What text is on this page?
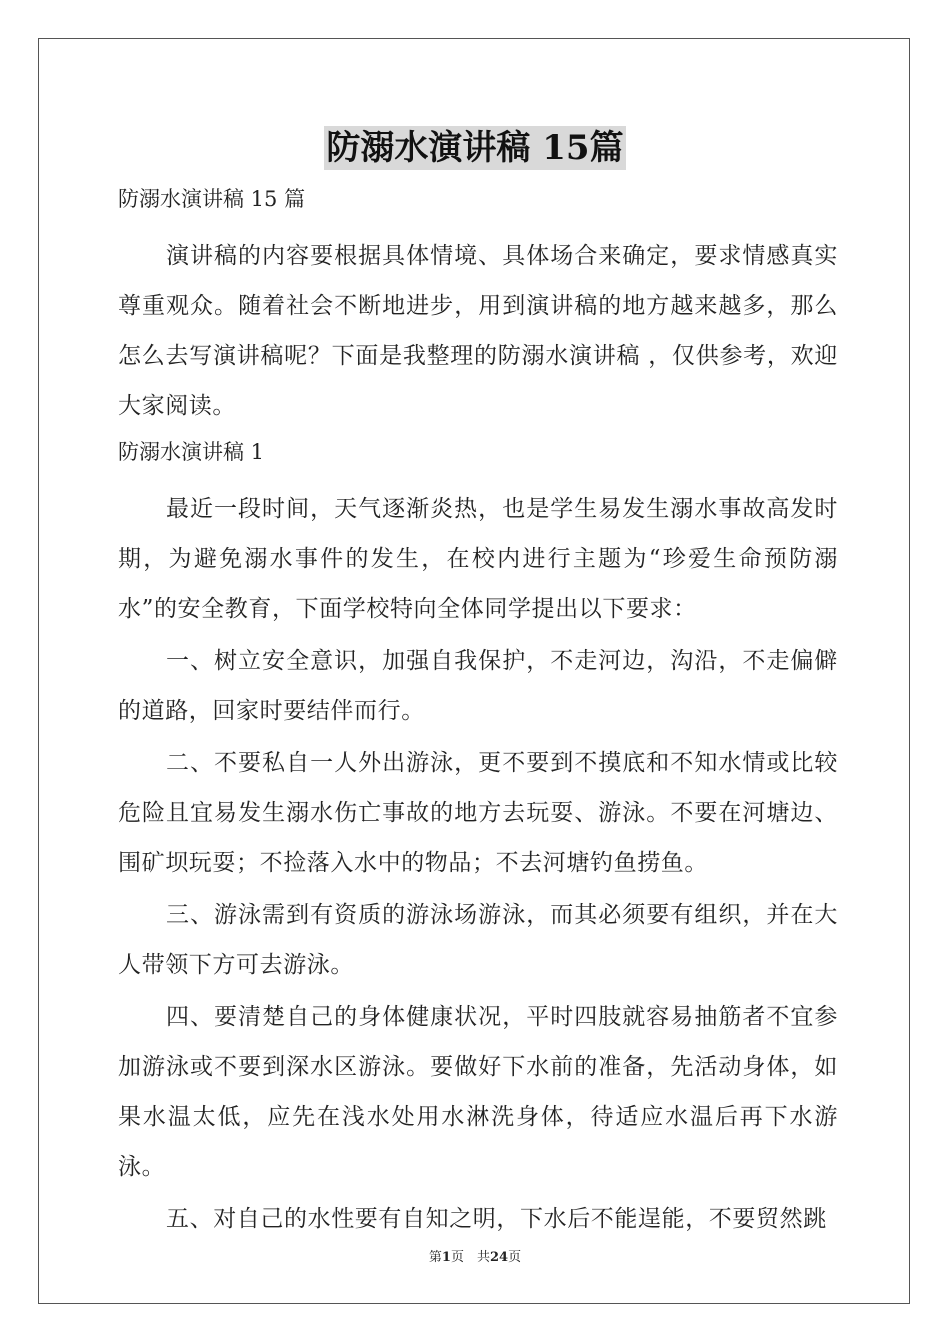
防溺水演讲稿 15篇
防溺水演讲稿 15 篇

演讲稿的内容要根据具体情境、具体场合来确定，要求情感真实尊重观众。随着社会不断地进步，用到演讲稿的地方越来越多，那么怎么去写演讲稿呢？下面是我整理的防溺水演讲稿 ，仅供参考，欢迎大家阅读。

防溺水演讲稿 1

最近一段时间，天气逐渐炎热，也是学生易发生溺水事故高发时期，为避免溺水事件的发生，在校内进行主题为“珍爱生命预防溺水”的安全教育，下面学校特向全体同学提出以下要求：

一、树立安全意识，加强自我保护，不走河边，沟沿，不走偏僻的道路，回家时要结伴而行。

二、不要私自一人外出游泳，更不要到不摸底和不知水情或比较危险且宜易发生溺水伤亡事故的地方去玩耍、游泳。不要在河塘边、围矿坝玩耍；不捡落入水中的物品；不去河塘钓鱼捞鱼。

三、游泳需到有资质的游泳场游泳，而其必须要有组织，并在大人带领下方可去游泳。

四、要清楚自己的身体健康状况，平时四肢就容易抽筋者不宜参加游泳或不要到深水区游泳。要做好下水前的准备，先活动身体，如果水温太低，应先在浅水处用水淋洗身体，待适应水温后再下水游泳。

五、对自己的水性要有自知之明，下水后不能逞能，不要贸然跳

第1页　共24页
